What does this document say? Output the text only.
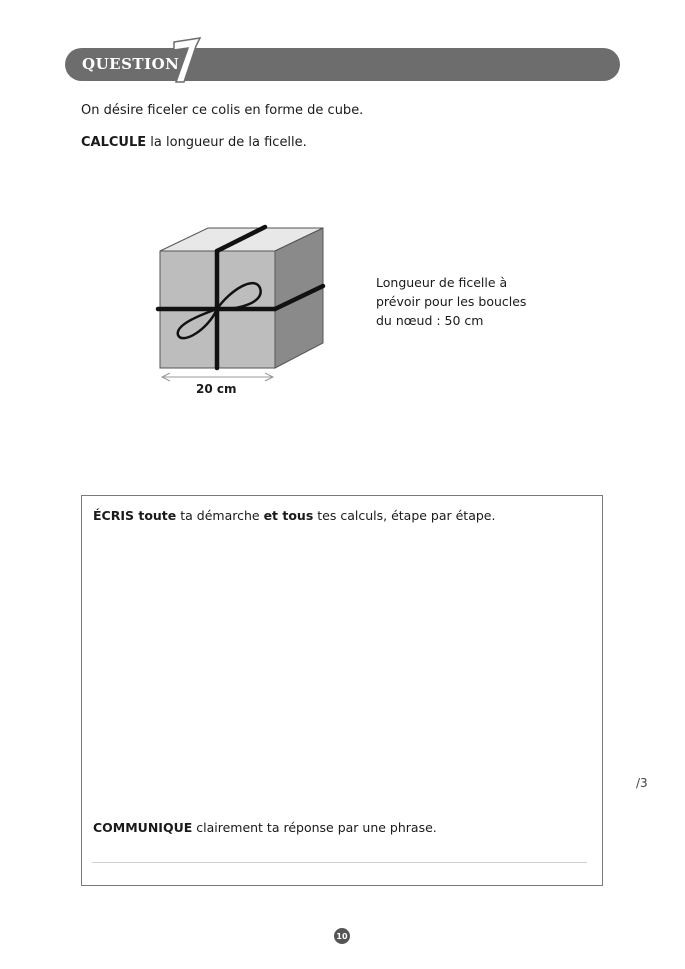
QUESTION

On désire ficeler ce colis en forme de cube.

CALCULE la longueur de la ficelle.

20 cm

Longueur de ficelle à prévoir pour les boucles du nœud : 50 cm

ÉCRIS toute ta démarche et tous tes calculs, étape par étape.

COMMUNIQUE clairement ta réponse par une phrase.

/3
10
